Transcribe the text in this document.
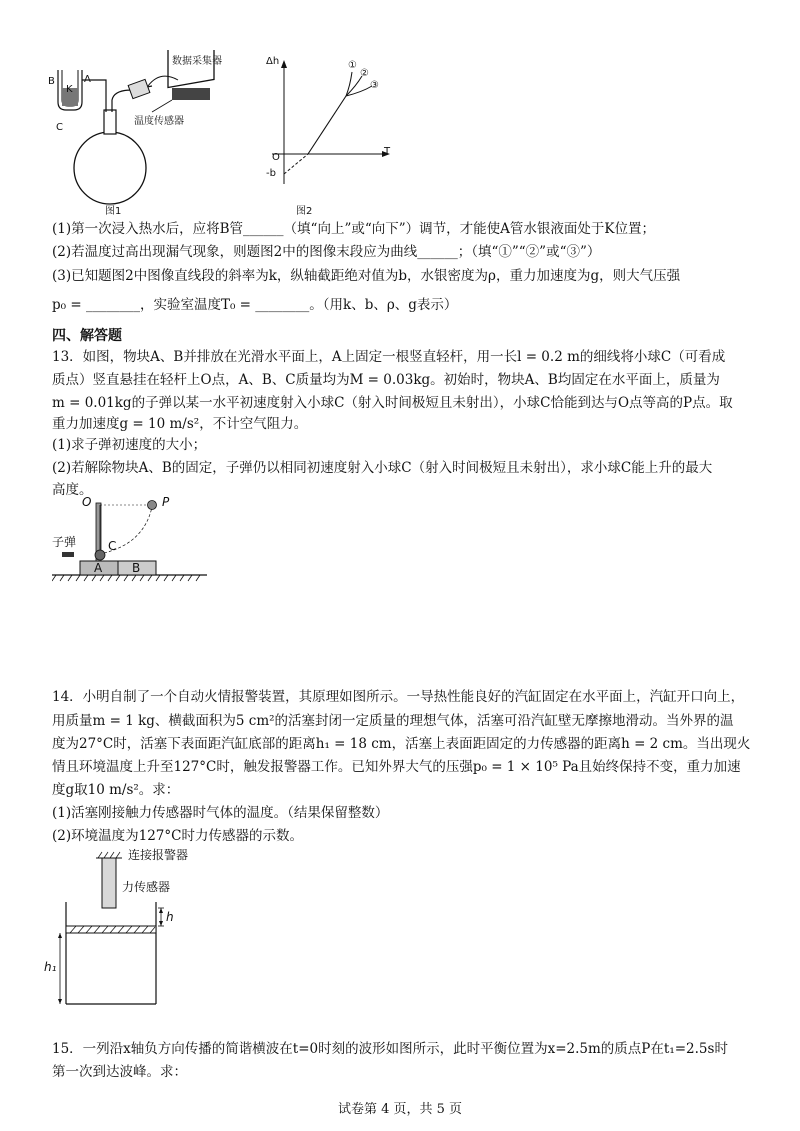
数据采集器
温度传感器
B	A
K
C
图1
Δh
T
O
-b
①
②
③
图2
(1)第一次浸入热水后，应将B管______（填“向上”或“向下”）调节，才能使A管水银液面处于K位置；
(2)若温度过高出现漏气现象，则题图2中的图像末段应为曲线______；（填“①”“②”或“③”）
(3)已知题图2中图像直线段的斜率为k，纵轴截距绝对值为b，水银密度为ρ，重力加速度为g，则大气压强
p₀ = ________，实验室温度T₀ = ________。（用k、b、ρ、g表示）
四、解答题
13．如图，物块A、B并排放在光滑水平面上，A上固定一根竖直轻杆，用一长l = 0.2 m的细线将小球C（可看成
质点）竖直悬挂在轻杆上O点，A、B、C质量均为M = 0.03kg。初始时，物块A、B均固定在水平面上，质量为
m = 0.01kg的子弹以某一水平初速度射入小球C（射入时间极短且未射出），小球C恰能到达与O点等高的P点。取
重力加速度g = 10 m/s²，不计空气阻力。
(1)求子弹初速度的大小；
(2)若解除物块A、B的固定，子弹仍以相同初速度射入小球C（射入时间极短且未射出），求小球C能上升的最大
高度。
O	P
C
A B
子弹
14．小明自制了一个自动火情报警装置，其原理如图所示。一导热性能良好的汽缸固定在水平面上，汽缸开口向上，
用质量m = 1 kg、横截面积为5 cm²的活塞封闭一定质量的理想气体，活塞可沿汽缸壁无摩擦地滑动。当外界的温
度为27°C时，活塞下表面距汽缸底部的距离h₁ = 18 cm，活塞上表面距固定的力传感器的距离h = 2 cm。当出现火
情且环境温度上升至127°C时，触发报警器工作。已知外界大气的压强p₀ = 1 × 10⁵ Pa且始终保持不变，重力加速
度g取10 m/s²。求：
(1)活塞刚接触力传感器时气体的温度。（结果保留整数）
(2)环境温度为127°C时力传感器的示数。
连接报警器
力传感器
h
h₁
15．一列沿x轴负方向传播的简谐横波在t=0时刻的波形如图所示，此时平衡位置为x=2.5m的质点P在t₁=2.5s时
第一次到达波峰。求：
试卷第 4 页，共 5 页
